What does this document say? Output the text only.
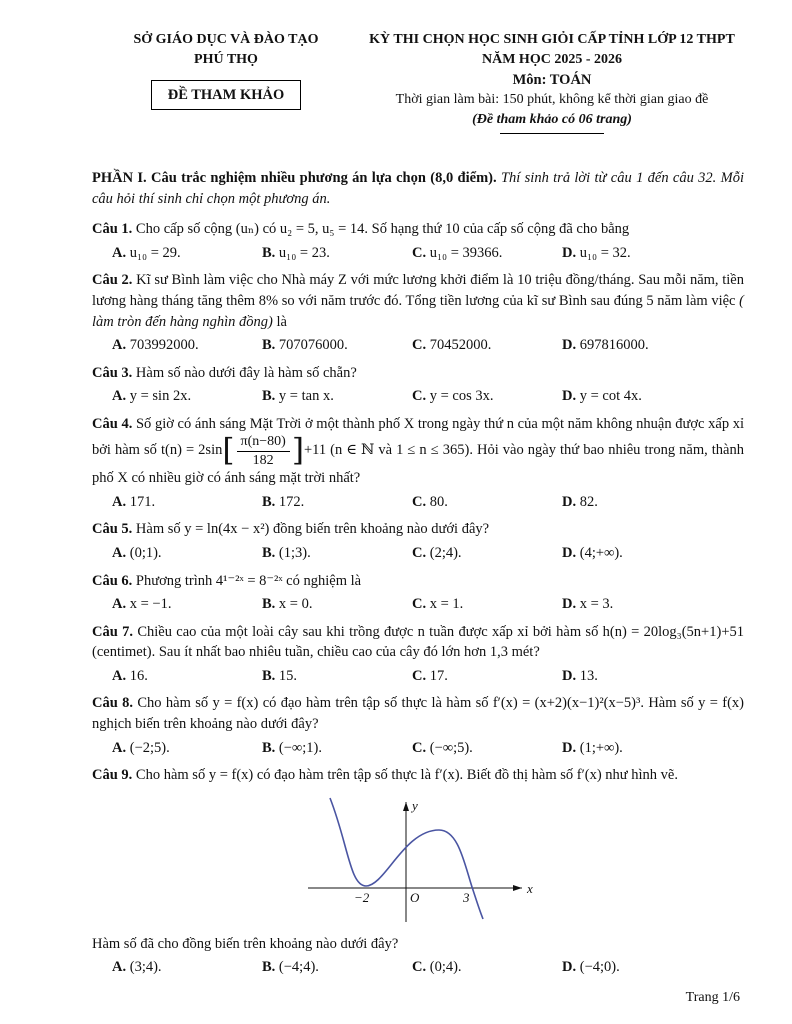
SỞ GIÁO DỤC VÀ ĐÀO TẠO
PHÚ THỌ
ĐỀ THAM KHẢO
KỲ THI CHỌN HỌC SINH GIỎI CẤP TỈNH LỚP 12 THPT
NĂM HỌC 2025 - 2026
Môn: TOÁN
Thời gian làm bài: 150 phút, không kể thời gian giao đề
(Đề tham khảo có 06 trang)

PHẦN I. Câu trắc nghiệm nhiều phương án lựa chọn (8,0 điểm). Thí sinh trả lời từ câu 1 đến câu 32. Mỗi câu hỏi thí sinh chỉ chọn một phương án.

Câu 1. Cho cấp số cộng (uₙ) có u₂ = 5, u₅ = 14. Số hạng thứ 10 của cấp số cộng đã cho bằng

A. u₁₀ = 29.	B. u₁₀ = 23.	C. u₁₀ = 39366.	D. u₁₀ = 32.

Câu 2. Kĩ sư Bình làm việc cho Nhà máy Z với mức lương khởi điểm là 10 triệu đồng/tháng. Sau mỗi năm, tiền lương hàng tháng tăng thêm 8% so với năm trước đó. Tổng tiền lương của kĩ sư Bình sau đúng 5 năm làm việc ( làm tròn đến hàng nghìn đồng) là

A. 703992000.	B. 707076000.	C. 70452000.	D. 697816000.

Câu 3. Hàm số nào dưới đây là hàm số chẵn?

A. y = sin 2x.	B. y = tan x.	C. y = cos 3x.	D. y = cot 4x.

Câu 4. Số giờ có ánh sáng Mặt Trời ở một thành phố X trong ngày thứ n của một năm không nhuận được xấp xỉ bởi hàm số $t(n) = 2\sin[ \frac{\pi(n-80)}{182} ]+11$ (n ∈ ℕ và 1 ≤ n ≤ 365). Hỏi vào ngày thứ bao nhiêu trong năm, thành phố X có nhiều giờ có ánh sáng mặt trời nhất?

A. 171.	B. 172.	C. 80.	D. 82.

Câu 5. Hàm số y = ln(4x − x²) đồng biến trên khoảng nào dưới đây?

A. (0;1).	B. (1;3).	C. (2;4).	D. (4;+∞).

Câu 6. Phương trình 4¹⁻²ˣ = 8⁻²ˣ có nghiệm là

A. x = −1.	B. x = 0.	C. x = 1.	D. x = 3.

Câu 7. Chiều cao của một loài cây sau khi trồng được n tuần được xấp xỉ bởi hàm số h(n) = 20log₃(5n+1)+51 (centimet). Sau ít nhất bao nhiêu tuần, chiều cao của cây đó lớn hơn 1,3 mét?

A. 16.	B. 15.	C. 17.	D. 13.

Câu 8. Cho hàm số y = f(x) có đạo hàm trên tập số thực là hàm số f′(x) = (x+2)(x−1)²(x−5)³. Hàm số y = f(x) nghịch biến trên khoảng nào dưới đây?

A. (−2;5).	B. (−∞;1).	C. (−∞;5).	D. (1;+∞).

Câu 9. Cho hàm số y = f(x) có đạo hàm trên tập số thực là f′(x). Biết đồ thị hàm số f′(x) như hình vẽ.

y
x
O
−2	3

Hàm số đã cho đồng biến trên khoảng nào dưới đây?

A. (3;4).	B. (−4;4).	C. (0;4).	D. (−4;0).
Trang 1/6
